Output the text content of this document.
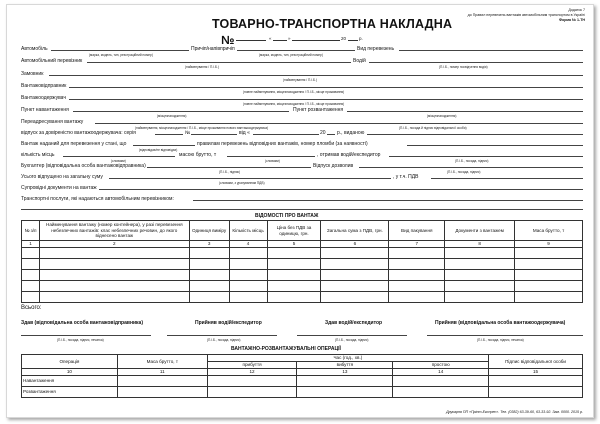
Додаток 7
до Правил перевезень вантажів автомобільним транспортом в Україні
Форма № 1-ТН
ТОВАРНО-ТРАНСПОРТНА НАКЛАДНА
№	«	»	20	р.
Автомобіль
(марка, модель, тип, реєстраційний номер)
Причіп/напівпричіп
(марка, модель, тип, реєстраційний номер)
Вид перевезень
Автомобільний перевізник
(найменування / П.І.Б.)
Водій
(П.І.Б., номер посвідчення водія)
Замовник
(найменування / П.І.Б.)
Вантажовідправник
(повне найменування, місцезнаходження / П.І.Б., місце проживання)
Вантажоодержувач
(повне найменування, місцезнаходження / П.І.Б., місце проживання)
Пункт навантаження
(місцезнаходження)
Пункт розвантаження
(місцезнаходження)
Переадресування вантажу
(найменування, місцезнаходження / П.І.Б., місце проживання нового вантажоодержувача)	(П.І.Б., посада й підпис відповідальної особи)
відпуск за довіреністю вантажоодержувача: серія	№	від «	20 р., виданою
Вантаж наданий для перевезення у стані, що	правилам перевезень відповідних вантажів, номер пломби (за наявності)
(відповідає/не відповідає)
кількість місць
(словами)
масою брутто, т
(словами)
, отримав водій/експедитор
(П.І.Б., посада, підпис)
Бухгалтер (відповідальна особа вантажовідправника)
(П.І.Б., підпис)
Відпуск дозволив
(П.І.Б., посада, підпис)
Усього відпущено на загальну суму
(словами, з урахуванням ПДВ)
, у т.ч. ПДВ
Супровідні документи на вантаж
Транспортні послуги, які надаються автомобільним перевізником:
ВІДОМОСТІ ПРО ВАНТАЖ
№ з/п	Найменування вантажу (номер контейнера), у разі перевезення небезпечних вантажів: клас небезпечних речовин, до якого віднесено вантаж	Одиниця виміру	Кількість місць	Ціна без ПДВ за одиницю, грн.	Загальна сума з ПДВ, грн.	Вид пакування	Документи з вантажем	Маса брутто, т
1	2	3	4	5	6	7	8	9

Всього:
Здав (відповідальна особа вантажовідправника)
(П.І.Б., посада, підпис, печатка)
Прийняв водій/експедитор
(П.І.Б., посада, підпис)
Здав водій/експедитор
(П.І.Б., посада, підпис)
Прийняв (відповідальна особа вантажоодержувача)
(П.І.Б., посада, підпис, печатка)
ВАНТАЖНО-РОЗВАНТАЖУВАЛЬНІ ОПЕРАЦІЇ
Операція	Маса брутто, т	Час (год., хв.)			Підпис відповідальної особи
		прибуття	вибуття	простою	
10	11	12	13	14	15
Навантаження					
Розвантаження					
Друкарня ПП «Прінт-Експрес». Тел. (0382) 63-39-60, 63-33-92. Зам. 0000. 2015 р.
